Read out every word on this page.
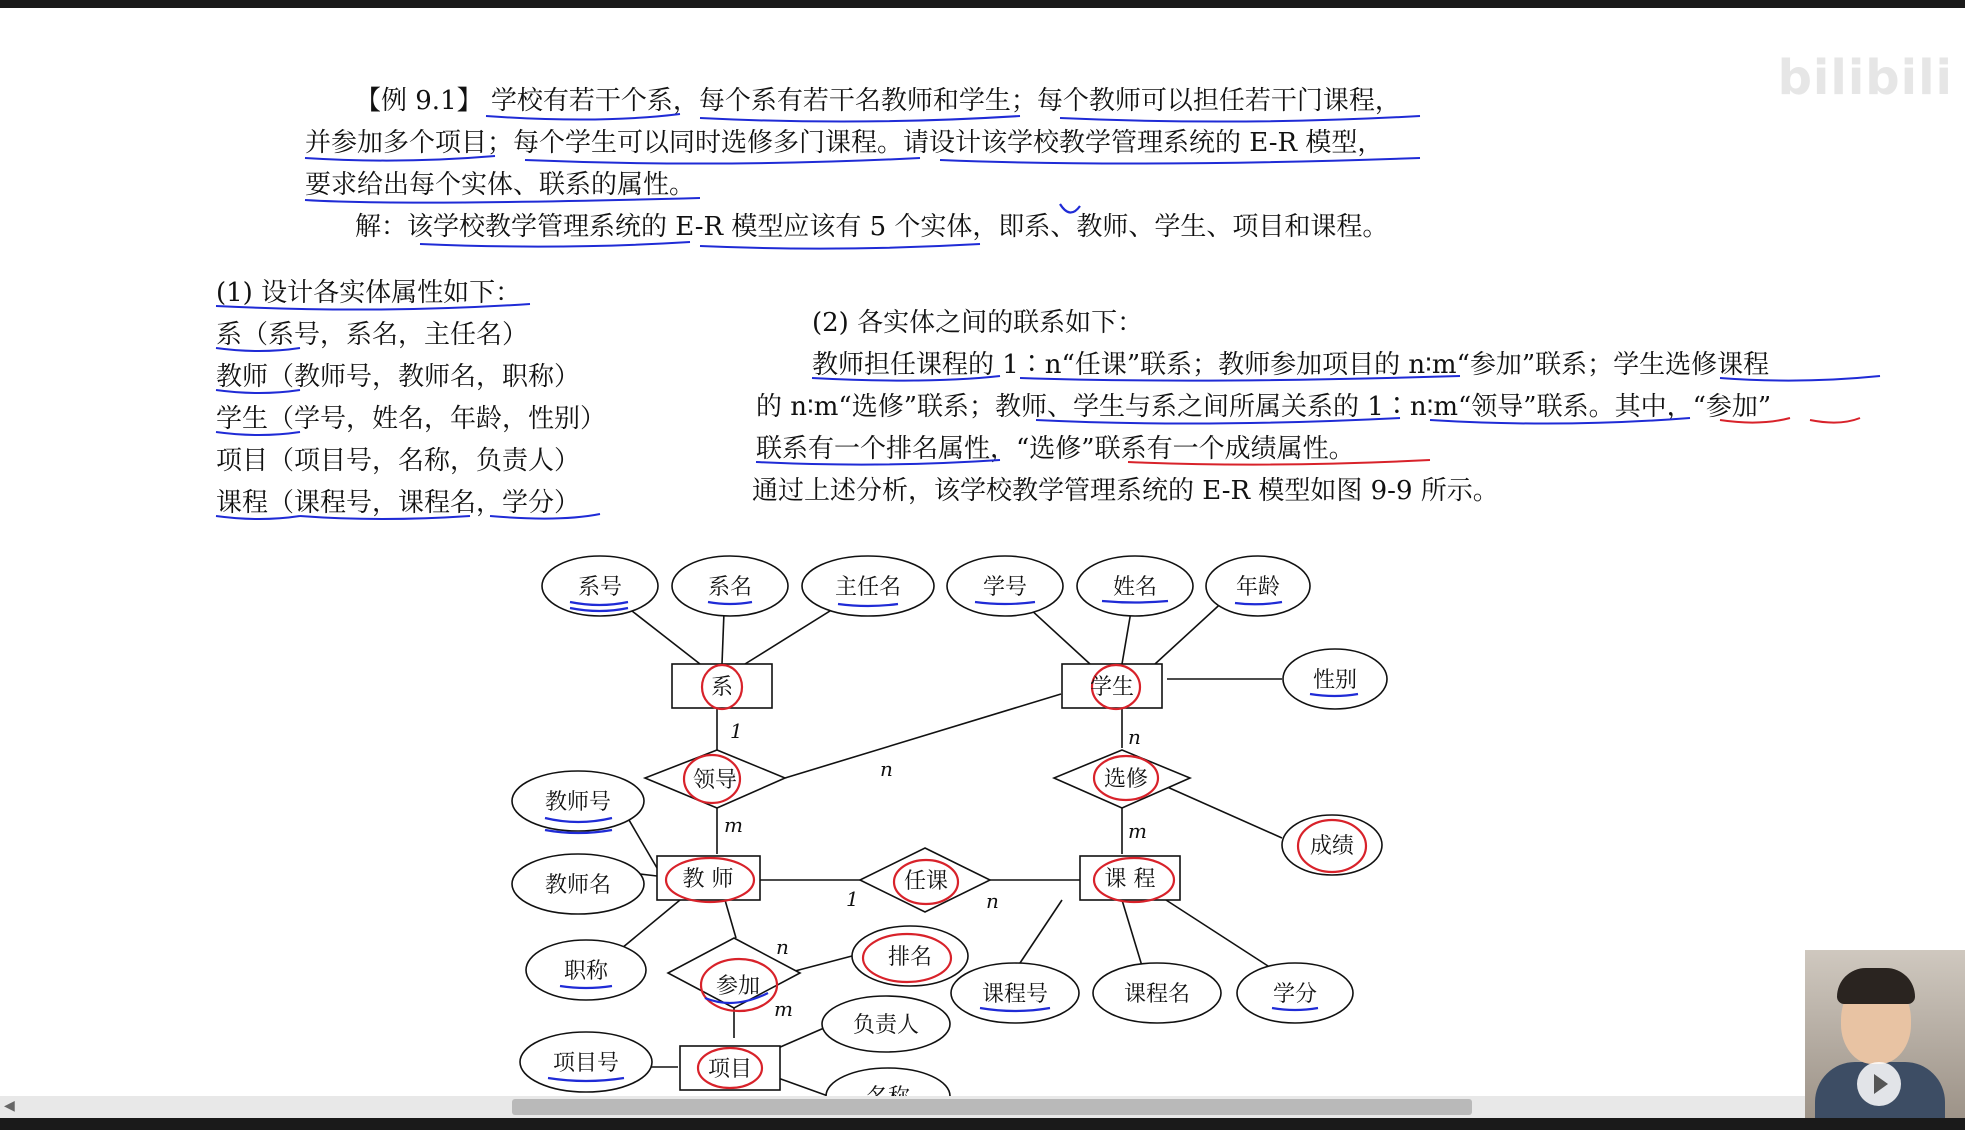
bilibili
【例 9.1】 学校有若干个系，每个系有若干名教师和学生；每个教师可以担任若干门课程，
并参加多个项目；每个学生可以同时选修多门课程。请设计该学校教学管理系统的 E-R 模型，
要求给出每个实体、联系的属性。
解：该学校教学管理系统的 E-R 模型应该有 5 个实体，即系、教师、学生、项目和课程。
(1) 设计各实体属性如下：
系（系号，系名，主任名）
教师（教师号，教师名，职称）
学生（学号，姓名，年龄，性别）
项目（项目号，名称，负责人）
课程（课程号，课程名，学分）
(2) 各实体之间的联系如下：
教师担任课程的 1∶n“任课”联系；教师参加项目的 n∶m“参加”联系；学生选修课程
的 n∶m“选修”联系；教师、学生与系之间所属关系的 1∶n∶m“领导”联系。其中，“参加”
联系有一个排名属性，“选修”联系有一个成绩属性。
通过上述分析，该学校教学管理系统的 E-R 模型如图 9-9 所示。
系号	系名	主任名	学号	姓名	年龄
性别
教师号
教师名
职称
成绩
排名
课程号	课程名	学分
负责人
项目号
系	学生
教 师	课 程
项目
领导	选修
任课
参加
1
n
m
n
m
1	n
n
m
◀
